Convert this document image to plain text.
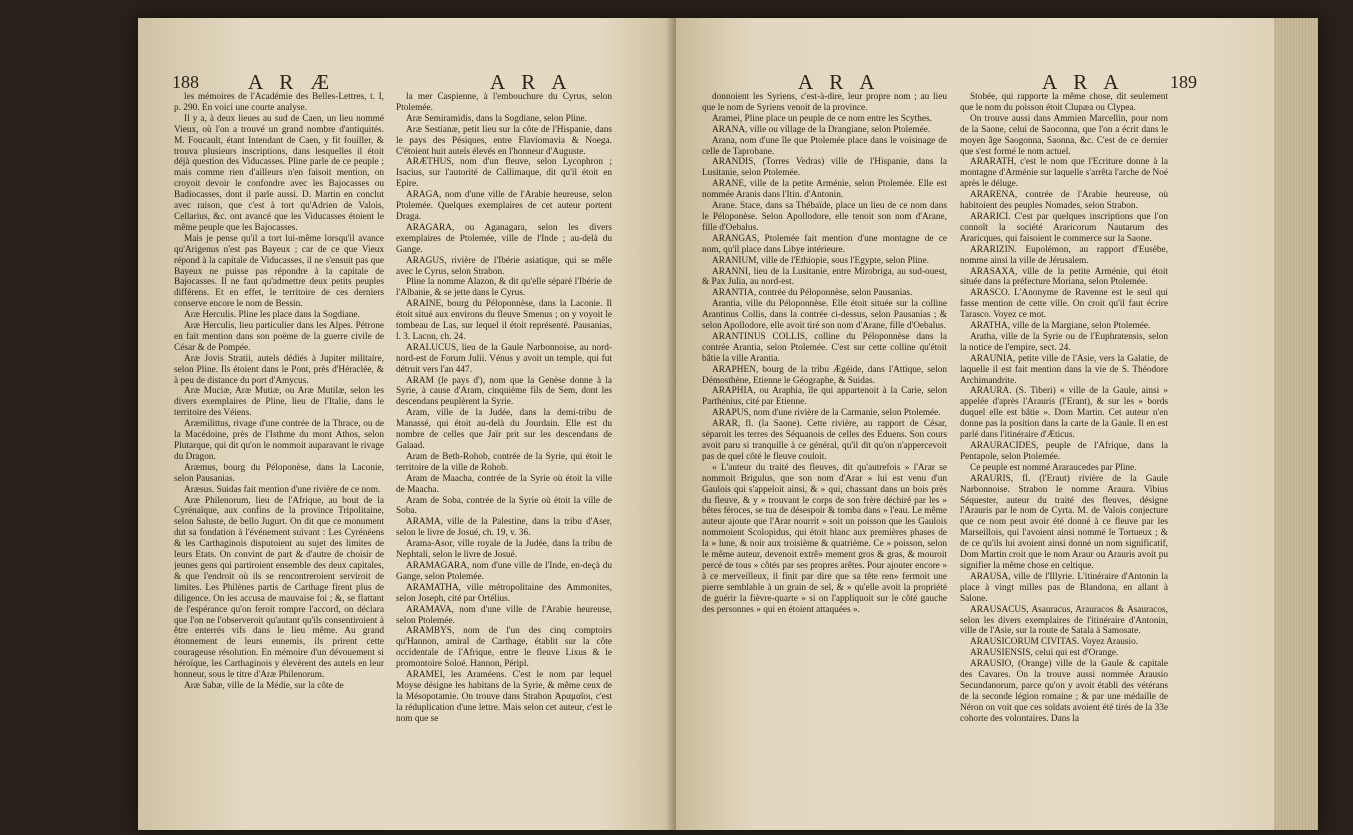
188 A R Æ	A R A

les mémoires de l'Académie des Belles-Lettres, t. I, p. 290. En voici une courte analyse.

Il y a, à deux lieues au sud de Caen, un lieu nommé Vieux, où l'on a trouvé un grand nombre d'antiquités. M. Foucault, étant Intendant de Caen, y fit fouiller, & trouva plusieurs inscriptions, dans lesquelles il étoit déjà question des Viducasses. Pline parle de ce peuple ; mais comme rien d'ailleurs n'en faisoit mention, on croyoit devoir le confondre avec les Bajocasses ou Badiocasses, dont il parle aussi. D. Martin en conclut avec raison, que c'est à tort qu'Adrien de Valois, Cellarius, &c. ont avancé que les Viducasses étoient le même peuple que les Bajocasses.

Mais je pense qu'il a tort lui-même lorsqu'il avance qu'Arigenus n'est pas Bayeux ; car de ce que Vieux répond à la capitale de Viducasses, il ne s'ensuit pas que Bayeux ne puisse pas répondre à la capitale de Bajocasses. Il ne faut qu'admettre deux petits peuples différens. Et en effet, le territoire de ces derniers conserve encore le nom de Bessin.

Aræ Herculis. Pline les place dans la Sogdiane.

Aræ Herculis, lieu particulier dans les Alpes. Pétrone en fait mention dans son poëme de la guerre civile de César & de Pompée.

Aræ Jovis Stratii, autels dédiés à Jupiter militaire, selon Pline. Ils étoient dans le Pont, près d'Héraclée, & à peu de distance du port d'Amycus.

Aræ Muciæ, Aræ Mutiæ, ou Aræ Mutilæ, selon les divers exemplaires de Pline, lieu de l'Italie, dans le territoire des Véiens.

Aræmilittus, rivage d'une contrée de la Thrace, ou de la Macédoine, près de l'Isthme du mont Athos, selon Plutarque, qui dit qu'on le nommoit auparavant le rivage du Dragon.

Aræmus, bourg du Péloponèse, dans la Laconie, selon Pausanias.

Aræsus. Suidas fait mention d'une rivière de ce nom.

Aræ Philenorum, lieu de l'Afrique, au bout de la Cyrénaïque, aux confins de la province Tripolitaine, selon Saluste, de bello Jugurt. On dit que ce monument dut sa fondation à l'événement suivant : Les Cyrénéens & les Carthaginois disputoient au sujet des limites de leurs Etats. On convint de part & d'autre de choisir de jeunes gens qui partiroient ensemble des deux capitales, & que l'endroit où ils se rencontreroient serviroit de limites. Les Philènes partis de Carthage firent plus de diligence. On les accusa de mauvaise foi ; &, se flattant de l'espérance qu'on feroit rompre l'accord, on déclara que l'on ne l'observeroit qu'autant qu'ils consentiroient à être enterrés vifs dans le lieu même. Au grand étonnement de leurs ennemis, ils prirent cette courageuse résolution. En mémoire d'un dévouement si héroïque, les Carthaginois y élevèrent des autels en leur honneur, sous le titre d'Aræ Philenorum.

Aræ Sabæ, ville de la Médie, sur la côte de

la mer Caspienne, à l'embouchure du Cyrus, selon Ptolemée.

Aræ Semiramidis, dans la Sogdiane, selon Pline.

Aræ Sestianæ, petit lieu sur la côte de l'Hispanie, dans le pays des Pésiques, entre Flaviomavia & Noega. C'étoient huit autels élevés en l'honneur d'Auguste.

ARÆTHUS, nom d'un fleuve, selon Lycophron ; Isacius, sur l'autorité de Callimaque, dit qu'il étoit en Epire.

ARAGA, nom d'une ville de l'Arabie heureuse, selon Ptolemée. Quelques exemplaires de cet auteur portent Draga.

ARAGARA, ou Aganagara, selon les divers exemplaires de Ptolemée, ville de l'Inde ; au-delà du Gange.

ARAGUS, rivière de l'Ibérie asiatique, qui se mêle avec le Cyrus, selon Strabon.

Pline la nomme Alazon, & dit qu'elle séparé l'Ibérie de l'Albanie, & se jette dans le Cyrus.

ARAINE, bourg du Péloponnèse, dans la Laconie. Il étoit situé aux environs du fleuve Smenus ; on y voyoit le tombeau de Las, sur lequel il étoit représenté. Pausanias, l. 3. Lacon, ch. 24.

ARALUCUS, lieu de la Gaule Narbonnoise, au nord-nord-est de Forum Julii. Vénus y avoit un temple, qui fut détruit vers l'an 447.

ARAM (le pays d'), nom que la Genèse donne à la Syrie, à cause d'Aram, cinquième fils de Sem, dont les descendans peuplèrent la Syrie.

Aram, ville de la Judée, dans la demi-tribu de Manassé, qui étoit au-delà du Jourdain. Elle est du nombre de celles que Jaïr prit sur les descendans de Galaad.

Aram de Beth-Rohob, contrée de la Syrie, qui étoit le territoire de la ville de Rohob.

Aram de Maacha, contrée de la Syrie où étoit la ville de Maacha.

Aram de Soba, contrée de la Syrie où étoit la ville de Soba.

ARAMA, ville de la Palestine, dans la tribu d'Aser, selon le livre de Josué, ch. 19, v. 36.

Arama-Asor, ville royale de la Judée, dans la tribu de Nephtali, selon le livre de Josué.

ARAMAGARA, nom d'une ville de l'Inde, en-deçà du Gange, selon Ptolemée.

ARAMATHA, ville métropolitaine des Ammonites, selon Joseph, cité par Ortélius.

ARAMAVA, nom d'une ville de l'Arabie heureuse, selon Ptolemée.

ARAMBYS, nom de l'un des cinq comptoirs qu'Hannon, amiral de Carthage, établit sur la côte occidentale de l'Afrique, entre le fleuve Lixus & le promontoire Soloé. Hannon, Péripl.

ARAMEI, les Araméens. C'est le nom par lequel Moyse désigne les habitans de la Syrie, & même ceux de la Mésopotamie. On trouve dans Strabon Ἀραμαῖοι, c'est la réduplication d'une lettre. Mais selon cet auteur, c'est le nom que se

A R A	A R A	189

donnoient les Syriens, c'est-à-dire, leur propre nom ; au lieu que le nom de Syriens venoit de la province.

Aramei, Pline place un peuple de ce nom entre les Scythes.

ARANA, ville ou village de la Drangiane, selon Ptolemée.

Arana, nom d'une île que Ptolemée place dans le voisinage de celle de Taprobane.

ARANDIS, (Torres Vedras) ville de l'Hispanie, dans la Lusitanie, selon Ptolemée.

ARANE, ville de la petite Arménie, selon Ptolemée. Elle est nommée Aranis dans l'Itin. d'Antonin.

Arane. Stace, dans sa Thébaïde, place un lieu de ce nom dans le Péloponèse. Selon Apollodore, elle tenoit son nom d'Arane, fille d'Oebalus.

ARANGAS, Ptolemée fait mention d'une montagne de ce nom, qu'il place dans Libye intérieure.

ARANIUM, ville de l'Ethiopie, sous l'Egypte, selon Pline.

ARANNI, lieu de la Lusitanie, entre Mirobriga, au sud-ouest, & Pax Julia, au nord-est.

ARANTIA, contrée du Péloponnèse, selon Pausanias.

Arantia, ville du Péloponnèse. Elle étoit située sur la colline Arantinus Collis, dans la contrée ci-dessus, selon Pausanias ; & selon Apollodore, elle avoit tiré son nom d'Arane, fille d'Oebalus.

ARANTINUS COLLIS, colline du Péloponnèse dans la contrée Arantia, selon Ptolemée. C'est sur cette colline qu'étoit bâtie la ville Arantia.

ARAPHEN, bourg de la tribu Ægéide, dans l'Attique, selon Démosthène, Etienne le Géographe, & Suidas.

ARAPHIA, ou Araphia, île qui appartenoit à la Carie, selon Parthénius, cité par Etienne.

ARAPUS, nom d'une rivière de la Carmanie, selon Ptolemée.

ARAR, fl. (la Saone). Cette rivière, au rapport de César, séparoit les terres des Séquanois de celles des Eduens. Son cours avoit paru si tranquille à ce général, qu'il dit qu'on n'appercevoit pas de quel côté le fleuve couloit.

« L'auteur du traité des fleuves, dit qu'autrefois » l'Arar se nommoit Brigulus, que son nom d'Arar » lui est venu d'un Gaulois qui s'appeloit ainsi, & » qui, chassant dans un bois près du fleuve, & y » trouvant le corps de son frère déchiré par les » bêtes féroces, se tua de désespoir & tomba dans » l'eau. Le même auteur ajoute que l'Arar nourrit » soit un poisson que les Gaulois nommoient Scolopidus, qui étoit blanc aux premières phases de la » lune, & noir aux troisième & quatrième. Ce » poisson, selon le même auteur, devenoit extrê» mement gros & gras, & mouroit percé de tous » côtés par ses propres arêtes. Pour ajouter encore » à ce merveilleux, il finit par dire que sa tête ren» fermoit une pierre semblable à un grain de sel, & » qu'elle avoit la propriété de guérir la fièvre-quarte » si on l'appliquoit sur le côté gauche des personnes » qui en étoient attaquées ».

Stobée, qui rapporte la même chose, dit seulement que le nom du poisson étoit Clupæa ou Clypea.

On trouve aussi dans Ammien Marcellin, pour nom de la Saone, celui de Saoconna, que l'on a écrit dans le moyen âge Saogonna, Saonna, &c. C'est de ce dernier que s'est formé le nom actuel.

ARARATH, c'est le nom que l'Ecriture donne à la montagne d'Arménie sur laquelle s'arrêta l'arche de Noé après le déluge.

ARARENA, contrée de l'Arabie heureuse, où habitoient des peuples Nomades, selon Strabon.

ARARICI. C'est par quelques inscriptions que l'on connoît la société Araricorum Nautarum des Araricques, qui faisoient le commerce sur la Saone.

ARARIZIN. Eupolémon, au rapport d'Eusèbe, nomme ainsi la ville de Jérusalem.

ARASAXA, ville de la petite Arménie, qui étoit située dans la préfecture Moriana, selon Ptolemée.

ARASCO. L'Anonyme de Ravenne est le seul qui fasse mention de cette ville. On croit qu'il faut écrire Tarasco. Voyez ce mot.

ARATHA, ville de la Margiane, selon Ptolemée.

Aratha, ville de la Syrie ou de l'Euphratensis, selon la notice de l'empire, sect. 24.

ARAUNIA, petite ville de l'Asie, vers la Galatie, de laquelle il est fait mention dans la vie de S. Théodore Archimandrite.

ARAURA. (S. Tiberi) « ville de la Gaule, ainsi » appelée d'après l'Arauris (l'Erant), & sur les » bords duquel elle est bâtie ». Dom Martin. Cet auteur n'en donne pas la position dans la carte de la Gaule. Il en est parlé dans l'itinéraire d'Æticus.

ARAURACIDES, peuple de l'Afrique, dans la Pentapole, selon Ptolemée.

Ce peuple est nommé Araraucedes par Pline.

ARAURIS, fl. (l'Eraut) rivière de la Gaule Narbonnoise. Strabon le nomme Araura. Vibius Séquester, auteur du traité des fleuves, désigne l'Arauris par le nom de Cyrta. M. de Valois conjecture que ce nom peut avoir été donné à ce fleuve par les Marseillois, qui l'avoient ainsi nommé le Tortueux ; & de ce qu'ils lui avoient ainsi donné un nom significatif, Dom Martin croit que le nom Araur ou Arauris avoit pu signifier la même chose en celtique.

ARAUSA, ville de l'Illyrie. L'itinéraire d'Antonin la place à vingt milles pas de Blandona, en allant à Salone.

ARAUSACUS, Asauracus, Arauracos & Asauracos, selon les divers exemplaires de l'itinéraire d'Antonin, ville de l'Asie, sur la route de Satala à Samosate.

ARAUSICORUM CIVITAS. Voyez Arausio.

ARAUSIENSIS, celui qui est d'Orange.

ARAUSIO, (Orange) ville de la Gaule & capitale des Cavares. On la trouve aussi nommée Arausio Secundanorum, parce qu'on y avoit établi des vétérans de la seconde légion romaine ; & par une médaille de Néron on voit que ces soldats avoient été tirés de la 33e cohorte des volontaires. Dans la
